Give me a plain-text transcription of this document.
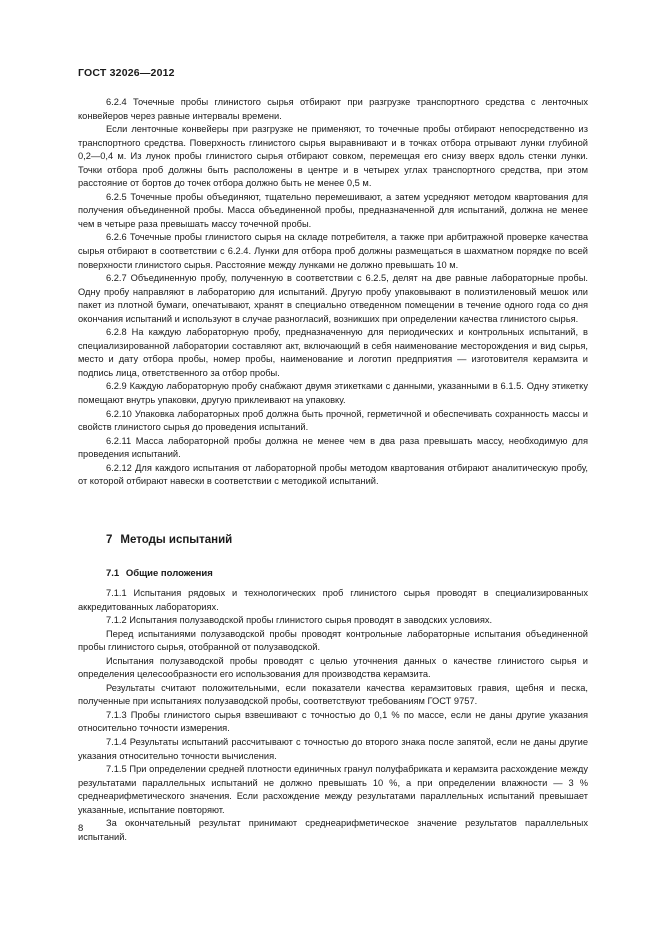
ГОСТ 32026—2012

6.2.4 Точечные пробы глинистого сырья отбирают при разгрузке транспортного средства с ленточных конвейеров через равные интервалы времени.

Если ленточные конвейеры при разгрузке не применяют, то точечные пробы отбирают непосредственно из транспортного средства. Поверхность глинистого сырья выравнивают и в точках отбора отрывают лунки глубиной 0,2—0,4 м. Из лунок пробы глинистого сырья отбирают совком, перемещая его снизу вверх вдоль стенки лунки. Точки отбора проб должны быть расположены в центре и в четырех углах транспортного средства, при этом расстояние от бортов до точек отбора должно быть не менее 0,5 м.

6.2.5 Точечные пробы объединяют, тщательно перемешивают, а затем усредняют методом квартования для получения объединенной пробы. Масса объединенной пробы, предназначенной для испытаний, должна не менее чем в четыре раза превышать массу точечной пробы.

6.2.6 Точечные пробы глинистого сырья на складе потребителя, а также при арбитражной проверке качества сырья отбирают в соответствии с 6.2.4. Лунки для отбора проб должны размещаться в шахматном порядке по всей поверхности глинистого сырья. Расстояние между лунками не должно превышать 10 м.

6.2.7 Объединенную пробу, полученную в соответствии с 6.2.5, делят на две равные лабораторные пробы. Одну пробу направляют в лабораторию для испытаний. Другую пробу упаковывают в полиэтиленовый мешок или пакет из плотной бумаги, опечатывают, хранят в специально отведенном помещении в течение одного года со дня окончания испытаний и используют в случае разногласий, возникших при определении качества глинистого сырья.

6.2.8 На каждую лабораторную пробу, предназначенную для периодических и контрольных испытаний, в специализированной лаборатории составляют акт, включающий в себя наименование месторождения и вид сырья, место и дату отбора пробы, номер пробы, наименование и логотип предприятия — изготовителя керамзита и подпись лица, ответственного за отбор пробы.

6.2.9 Каждую лабораторную пробу снабжают двумя этикетками с данными, указанными в 6.1.5. Одну этикетку помещают внутрь упаковки, другую приклеивают на упаковку.

6.2.10 Упаковка лабораторных проб должна быть прочной, герметичной и обеспечивать сохранность массы и свойств глинистого сырья до проведения испытаний.

6.2.11 Масса лабораторной пробы должна не менее чем в два раза превышать массу, необходимую для проведения испытаний.

6.2.12 Для каждого испытания от лабораторной пробы методом квартования отбирают аналитическую пробу, от которой отбирают навески в соответствии с методикой испытаний.

7 Методы испытаний
7.1 Общие положения

7.1.1 Испытания рядовых и технологических проб глинистого сырья проводят в специализированных аккредитованных лабораториях.

7.1.2 Испытания полузаводской пробы глинистого сырья проводят в заводских условиях.

Перед испытаниями полузаводской пробы проводят контрольные лабораторные испытания объединенной пробы глинистого сырья, отобранной от полузаводской.

Испытания полузаводской пробы проводят с целью уточнения данных о качестве глинистого сырья и определения целесообразности его использования для производства керамзита.

Результаты считают положительными, если показатели качества керамзитовых гравия, щебня и песка, полученные при испытаниях полузаводской пробы, соответствуют требованиям ГОСТ 9757.

7.1.3 Пробы глинистого сырья взвешивают с точностью до 0,1 % по массе, если не даны другие указания относительно точности измерения.

7.1.4 Результаты испытаний рассчитывают с точностью до второго знака после запятой, если не даны другие указания относительно точности вычисления.

7.1.5 При определении средней плотности единичных гранул полуфабриката и керамзита расхождение между результатами параллельных испытаний не должно превышать 10 %, а при определении влажности — 3 % среднеарифметического значения. Если расхождение между результатами параллельных испытаний превышает указанные, испытание повторяют.

За окончательный результат принимают среднеарифметическое значение результатов параллельных испытаний.

8
